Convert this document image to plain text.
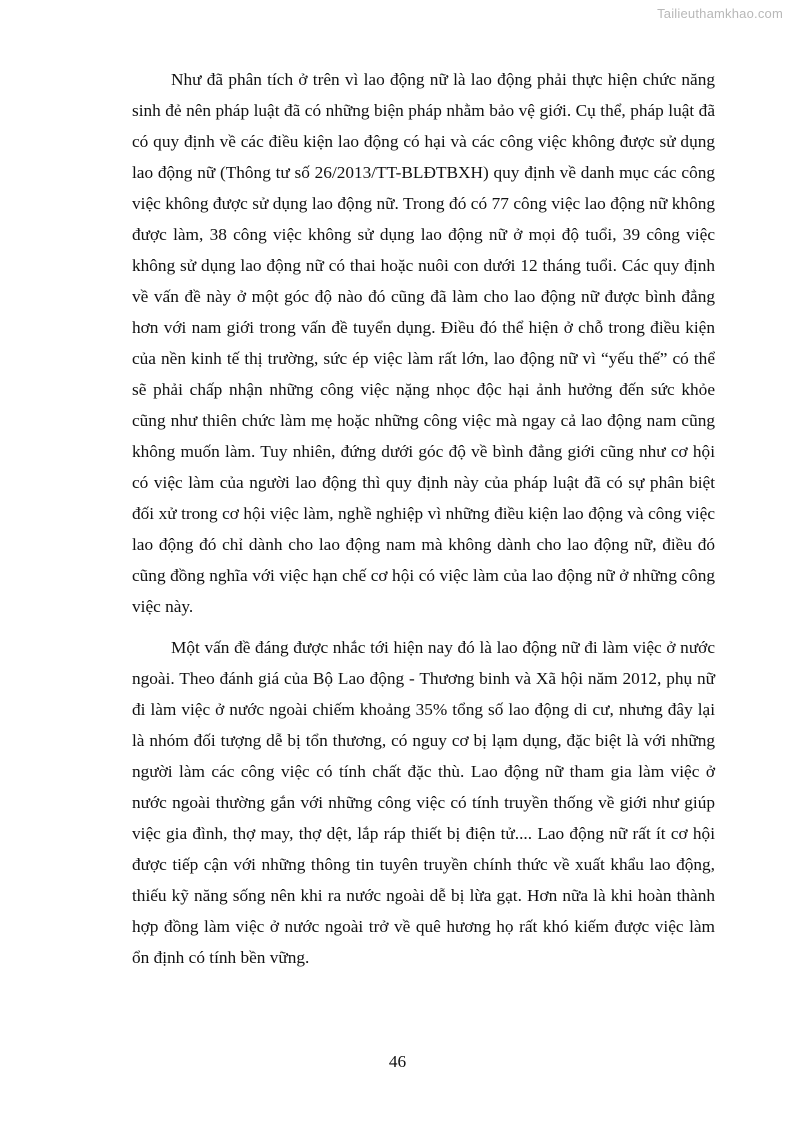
Tailieuthamkhao.com

Như đã phân tích ở trên vì lao động nữ là lao động phải thực hiện chức năng sinh đẻ nên pháp luật đã có những biện pháp nhằm bảo vệ giới. Cụ thể, pháp luật đã có quy định về các điều kiện lao động có hại và các công việc không được sử dụng lao động nữ (Thông tư số 26/2013/TT-BLĐTBXH) quy định về danh mục các công việc không được sử dụng lao động nữ. Trong đó có 77 công việc lao động nữ không được làm, 38 công việc không sử dụng lao động nữ ở mọi độ tuổi, 39 công việc không sử dụng lao động nữ có thai hoặc nuôi con dưới 12 tháng tuổi. Các quy định về vấn đề này ở một góc độ nào đó cũng đã làm cho lao động nữ được bình đẳng hơn với nam giới trong vấn đề tuyển dụng. Điều đó thể hiện ở chỗ trong điều kiện của nền kinh tế thị trường, sức ép việc làm rất lớn, lao động nữ vì “yếu thế” có thể sẽ phải chấp nhận những công việc nặng nhọc độc hại ảnh hưởng đến sức khỏe cũng như thiên chức làm mẹ hoặc những công việc mà ngay cả lao động nam cũng không muốn làm. Tuy nhiên, đứng dưới góc độ về bình đẳng giới cũng như cơ hội có việc làm của người lao động thì quy định này của pháp luật đã có sự phân biệt đối xử trong cơ hội việc làm, nghề nghiệp vì những điều kiện lao động và công việc lao động đó chỉ dành cho lao động nam mà không dành cho lao động nữ, điều đó cũng đồng nghĩa với việc hạn chế cơ hội có việc làm của lao động nữ ở những công việc này.

Một vấn đề đáng được nhắc tới hiện nay đó là lao động nữ đi làm việc ở nước ngoài. Theo đánh giá của Bộ Lao động - Thương binh và Xã hội năm 2012, phụ nữ đi làm việc ở nước ngoài chiếm khoảng 35% tổng số lao động di cư, nhưng đây lại là nhóm đối tượng dễ bị tổn thương, có nguy cơ bị lạm dụng, đặc biệt là với những người làm các công việc có tính chất đặc thù. Lao động nữ tham gia làm việc ở nước ngoài thường gắn với những công việc có tính truyền thống về giới như giúp việc gia đình, thợ may, thợ dệt, lắp ráp thiết bị điện tử.... Lao động nữ rất ít cơ hội được tiếp cận với những thông tin tuyên truyền chính thức về xuất khẩu lao động, thiếu kỹ năng sống nên khi ra nước ngoài dễ bị lừa gạt. Hơn nữa là khi hoàn thành hợp đồng làm việc ở nước ngoài trở về quê hương họ rất khó kiếm được việc làm ổn định có tính bền vững.

46
